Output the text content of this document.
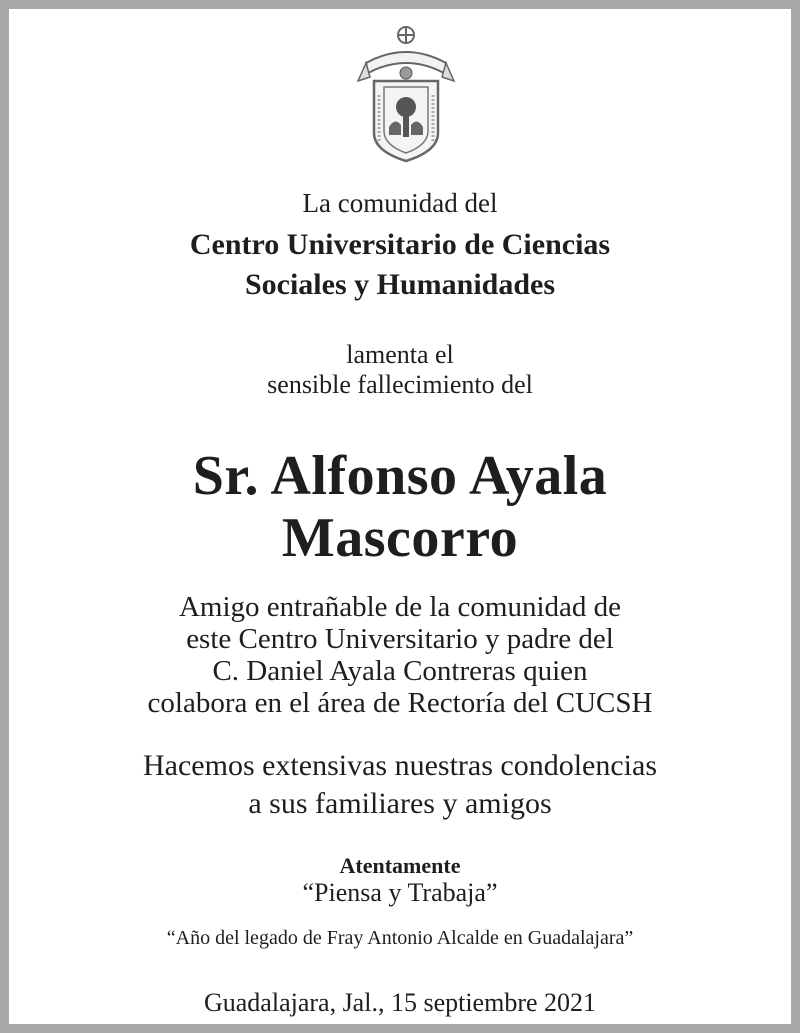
La comunidad del
Centro Universitario de Ciencias
Sociales y Humanidades
lamenta el
sensible fallecimiento del
Sr. Alfonso Ayala
Mascorro
Amigo entrañable de la comunidad de
este Centro Universitario y padre del
C. Daniel Ayala Contreras quien
colabora en el área de Rectoría del CUCSH
Hacemos extensivas nuestras condolencias
a sus familiares y amigos
Atentamente
“Piensa y Trabaja”
“Año del legado de Fray Antonio Alcalde en Guadalajara”
Guadalajara, Jal., 15 septiembre 2021
